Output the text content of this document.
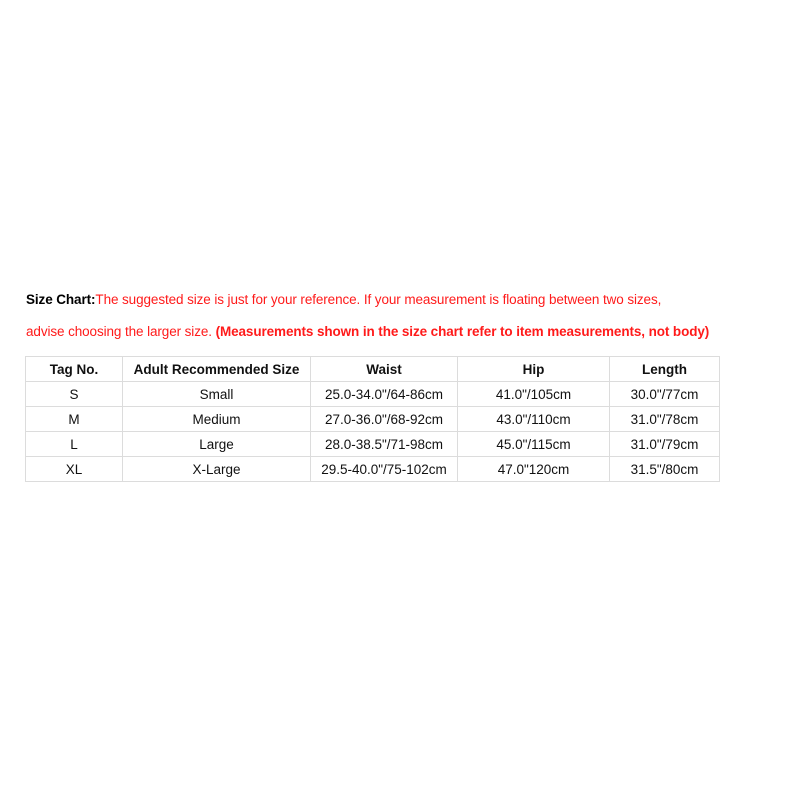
Size Chart:The suggested size is just for your reference. If your measurement is floating between two sizes,
advise choosing the larger size. (Measurements shown in the size chart refer to item measurements, not body)
Tag No.	Adult Recommended Size	Waist	Hip	Length
S	Small	25.0-34.0"/64-86cm	41.0"/105cm	30.0"/77cm
M	Medium	27.0-36.0"/68-92cm	43.0"/110cm	31.0"/78cm
L	Large	28.0-38.5"/71-98cm	45.0"/115cm	31.0"/79cm
XL	X-Large	29.5-40.0"/75-102cm	47.0"120cm	31.5"/80cm
